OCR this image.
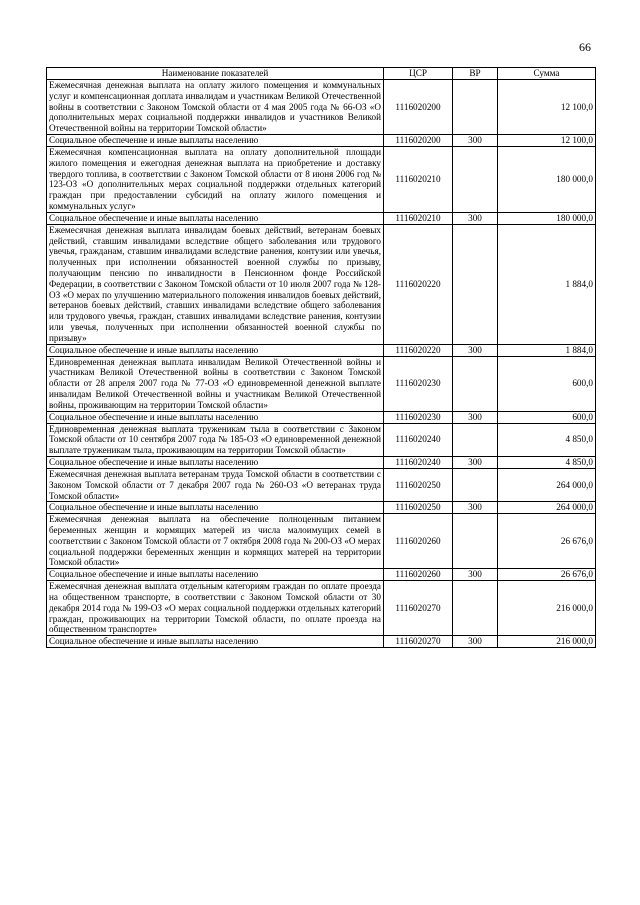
66
Наименование показателей	ЦСР	ВР	Сумма
Ежемесячная денежная выплата на оплату жилого помещения и коммунальных услуг и компенсационная доплата инвалидам и участникам Великой Отечественной войны в соответствии с Законом Томской области от 4 мая 2005 года № 66-ОЗ «О дополнительных мерах социальной поддержки инвалидов и участников Великой Отечественной войны на территории Томской области»	1116020200		12 100,0
Социальное обеспечение и иные выплаты населению	1116020200	300	12 100,0
Ежемесячная компенсационная выплата на оплату дополнительной площади жилого помещения и ежегодная денежная выплата на приобретение и доставку твердого топлива, в соответствии с Законом Томской области от 8 июня 2006 год № 123-ОЗ «О дополнительных мерах социальной поддержки отдельных категорий граждан при предоставлении субсидий на оплату жилого помещения и коммунальных услуг»	1116020210		180 000,0
Социальное обеспечение и иные выплаты населению	1116020210	300	180 000,0
Ежемесячная денежная выплата инвалидам боевых действий, ветеранам боевых действий, ставшим инвалидами вследствие общего заболевания или трудового увечья, гражданам, ставшим инвалидами вследствие ранения, контузии или увечья, полученных при исполнении обязанностей военной службы по призыву, получающим пенсию по инвалидности в Пенсионном фонде Российской Федерации, в соответствии с Законом Томской области от 10 июля 2007 года № 128-ОЗ «О мерах по улучшению материального положения инвалидов боевых действий, ветеранов боевых действий, ставших инвалидами вследствие общего заболевания или трудового увечья, граждан, ставших инвалидами вследствие ранения, контузии или увечья, полученных при исполнении обязанностей военной службы по призыву»	1116020220		1 884,0
Социальное обеспечение и иные выплаты населению	1116020220	300	1 884,0
Единовременная денежная выплата инвалидам Великой Отечественной войны и участникам Великой Отечественной войны в соответствии с Законом Томской области от 28 апреля 2007 года № 77-ОЗ «О единовременной денежной выплате инвалидам Великой Отечественной войны и участникам Великой Отечественной войны, проживающим на территории Томской области»	1116020230		600,0
Социальное обеспечение и иные выплаты населению	1116020230	300	600,0
Единовременная денежная выплата труженикам тыла в соответствии с Законом Томской области от 10 сентября 2007 года № 185-ОЗ «О единовременной денежной выплате труженикам тыла, проживающим на территории Томской области»	1116020240		4 850,0
Социальное обеспечение и иные выплаты населению	1116020240	300	4 850,0
Ежемесячная денежная выплата ветеранам труда Томской области в соответствии с Законом Томской области от 7 декабря 2007 года № 260-ОЗ «О ветеранах труда Томской области»	1116020250		264 000,0
Социальное обеспечение и иные выплаты населению	1116020250	300	264 000,0
Ежемесячная денежная выплата на обеспечение полноценным питанием беременных женщин и кормящих матерей из числа малоимущих семей в соответствии с Законом Томской области от 7 октября 2008 года № 200-ОЗ «О мерах социальной поддержки беременных женщин и кормящих матерей на территории Томской области»	1116020260		26 676,0
Социальное обеспечение и иные выплаты населению	1116020260	300	26 676,0
Ежемесячная денежная выплата отдельным категориям граждан по оплате проезда на общественном транспорте, в соответствии с Законом Томской области от 30 декабря 2014 года № 199-ОЗ «О мерах социальной поддержки отдельных категорий граждан, проживающих на территории Томской области, по оплате проезда на общественном транспорте»	1116020270		216 000,0
Социальное обеспечение и иные выплаты населению	1116020270	300	216 000,0
